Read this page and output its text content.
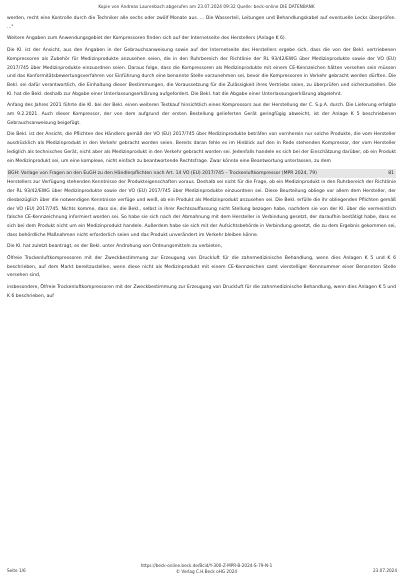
Kopie von Andreas Laurenbach abgerufen am 23.07.2024 09:32 Quelle: beck-online DIE DATENBANK

werden, recht eine Kontrolle durch die Techniker alle sechs oder zwölf Monate aus. ... Die Wasserteil, Leitungen und Behandlungskabel auf eventuelle Lecks überprüfen. ..."

Weitere Angaben zum Anwendungsgebiet der Kompressoren finden sich auf der Internetseite des Herstellers (Anlage K 6).

Die Kl. ist der Ansicht, aus den Angaben in der Gebrauchsanweisung sowie auf der Internetseite des Herstellers ergebe sich, dass die von der Bekl. vertriebenen Kompressoren als Zubehör für Medizinprodukte anzusehen seien, die in den Ruhrbereich der Richtlinie der RL 93/42/EWG über Medizinprodukte sowie der VO (EU) 2017/745 über Medizinprodukte einzuordnen seien. Daraus folge, dass die Kompressoren als Medizinprodukte mit einem CE-Kennzeichen hätten versehen sein müssen und das Konformitätsbewertungsverfahren vor Einführung durch eine benannte Stelle vorzunehmen sei, bevor die Kompressoren in Verkehr gebracht werden dürften. Die Bekl. sei dafür verantwortlich, die Einhaltung dieser Bestimmungen, die Voraussetzung für die Zulässigkeit ihres Vertriebs seien, zu überprüfen und sicherzustellen. Die Kl. hat die Bekl. deshalb zur Abgabe einer Unterlassungserklärung aufgefordert. Die Bekl. hat die Abgabe einer Unterlassungserklärung abgelehnt.

Anfang des Jahres 2021 führte die Kl. bei der Bekl. einen weiteren Testkauf hinsichtlich eines Kompressors aus der Herstellung der C. S.p.A. durch. Die Lieferung erfolgte am 9.2.2021. Auch dieser Kompressor, der von dem aufgrund der ersten Bestellung gelieferten Gerät geringfügig abweicht, ist der Anlage K 5 beschriebenen Gebrauchsanweisung beigefügt.

Die Bekl. ist der Ansicht, die Pflichten des Händlers gemäß der VO (EU) 2017/745 über Medizinprodukte beträfen von vornherein nur solche Produkte, die vom Hersteller ausdrücklich als Medizinprodukt in den Verkehr gebracht worden seien. Bereits daran fehle es im Hinblick auf den in Rede stehenden Kompressor, der vom Hersteller lediglich als technisches Gerät, nicht aber als Medizinprodukt in den Verkehr gebracht worden sei. Jedenfalls handele es sich bei der Einschätzung darüber, ob ein Produkt ein Medizinprodukt sei, um eine komplexe, nicht einfach zu beantwortende Rechtsfrage. Zwar könnte eine Beantwortung unterlassen, zu dem

BGH: Vorlage von Fragen an den EuGH zu den Händlerpflichten nach Art. 14 VO (EU) 2017/745 – Trockenluftkompressor (MPR 2024, 79)	81

Herstellers zur Verfügung stehenden Kenntnisse der Produkteigenschaften voraus. Deshalb sei nicht für die Frage, ob ein Medizinprodukt in den Ruhrbereich der Richtlinie der RL 93/42/EWG über Medizinprodukte sowie der VO (EU) 2017/745 über Medizinprodukte einzuordnen sei. Diese Beurteilung obliege vor allem dem Hersteller, der diesbezüglich über die notwendigen Kenntnisse verfüge und weiß, ob ein Produkt als Medizinprodukt anzusehen sei. Die Bekl. erfülle die ihr obliegenden Pflichten gemäß der VO (EU) 2017/745. Nichts komme, dass sie, die Bekl., selbst in ihrer Rechtsauffassung nicht Stellung bezogen habe, nachdem sie von der Kl. über die vermeintlich falsche CE-Kennzeichnung informiert worden sei. So habe sie sich nach der Abmahnung mit dem Hersteller in Verbindung gesetzt, der daraufhin bestätigt habe, dass es sich bei dem Produkt nicht um ein Medizinprodukt handele. Außerdem habe sie sich mit der Aufsichtsbehörde in Verbindung gesetzt, die zu dem Ergebnis gekommen sei, dass behördliche Maßnahmen nicht erforderlich seien und das Produkt unverändert im Verkehr bleiben könne.

Die Kl. hat zuletzt beantragt, es der Bekl. unter Androhung von Ordnungsmitteln zu verbieten,

Ölfreie Trockenluftkompressoren mit der Zweckbestimmung zur Erzeugung von Druckluft für die zahnmedizinische Behandlung, wenn dies Anlagen K 5 und K 6 beschrieben, auf dem Markt bereitzustellen, wenn diese nicht als Medizinprodukt mit einem CE-Kennzeichen samt vierstelliger Kennnummer einer Benannten Stelle versehen sind,

insbesondere, Ölfreie Trockenluftkompressoren mit der Zweckbestimmung zur Erzeugung von Druckluft für die zahnmedizinische Behandlung, wenn dies Anlagen K 5 und K 6 beschrieben, auf

Seite 1/6
https://beck-online.beck.de/Bcid/Y-300-Z-MPR-B-2024-S-79-N-1
© Verlag C.H.Beck oHG 2024	23.07.2024
